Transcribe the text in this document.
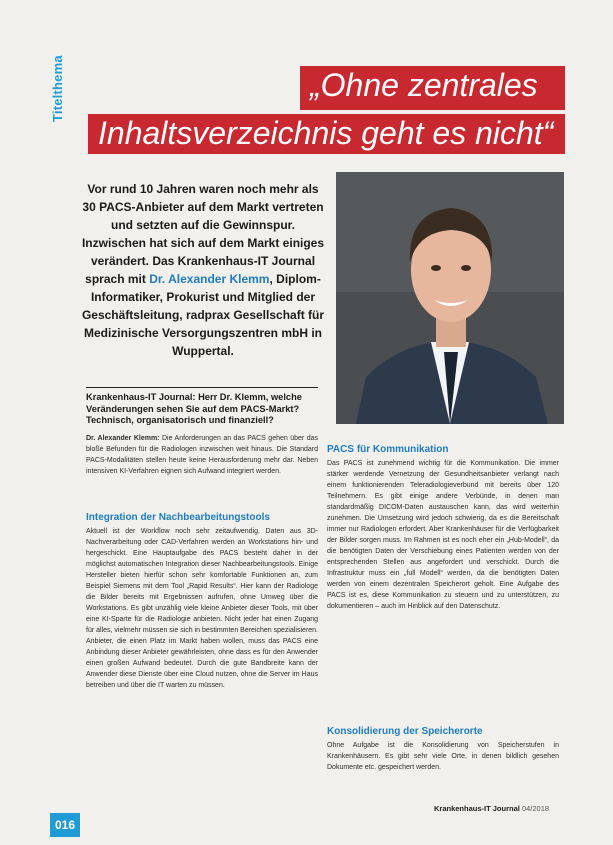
Titelthema	„Ohne zentrales
Inhaltsverzeichnis geht es nicht“
Vor rund 10 Jahren waren noch mehr als 30 PACS-Anbieter auf dem Markt vertreten und setzten auf die Gewinnspur. Inzwischen hat sich auf dem Markt einiges verändert. Das Krankenhaus-IT Journal sprach mit Dr. Alexander Klemm, Diplom-Informatiker, Prokurist und Mitglied der Geschäftsleitung, radprax Gesellschaft für Medizinische Versorgungszentren mbH in Wuppertal.
Krankenhaus-IT Journal: Herr Dr. Klemm, welche Veränderungen sehen Sie auf dem PACS-Markt? Technisch, organisatorisch und finanziell?
Dr. Alexander Klemm: Die Anforderungen an das PACS gehen über das bloße Befunden für die Radiologen inzwischen weit hinaus. Die Standard PACS-Modalitäten stellen heute keine Herausforderung mehr dar. Neben intensiven KI-Verfahren eignen sich Aufwand integriert werden.
Integration der Nachbearbeitungstools
Aktuell ist der Workflow noch sehr zeitaufwendig. Daten aus 3D-Nachverarbeitung oder CAD-Verfahren werden an Workstations hin- und hergeschickt. Eine Hauptaufgabe des PACS besteht daher in der möglichst automatischen Integration dieser Nachbearbeitungstools. Einige Hersteller bieten hierfür schon sehr komfortable Funktionen an, zum Beispiel Siemens mit dem Tool „Rapid Results“. Hier kann der Radiologe die Bilder bereits mit Ergebnissen aufrufen, ohne Umweg über die Workstations. Es gibt unzählig viele kleine Anbieter dieser Tools, mit über eine KI-Sparte für die Radiologie anbieten. Nicht jeder hat einen Zugang für alles, vielmehr müssen sie sich in bestimmten Bereichen spezialisieren. Anbieter, die einen Platz im Markt haben wollen, muss das PACS eine Anbindung dieser Anbieter gewährleisten, ohne dass es für den Anwender einen großen Aufwand bedeutet. Durch die gute Bandbreite kann der Anwender diese Dienste über eine Cloud nutzen, ohne die Server im Haus betreiben und über die IT warten zu müssen.
PACS für Kommunikation
Das PACS ist zunehmend wichtig für die Kommunikation. Die immer stärker werdende Vernetzung der Gesundheitsanbieter verlangt nach einem funktionierenden Teleradiologieverbund mit bereits über 120 Teilnehmern. Es gibt einige andere Verbünde, in denen man standardmäßig DICOM-Daten austauschen kann, das wird weiterhin zunehmen. Die Umsetzung wird jedoch schwierig, da es die Bereitschaft immer nur Radiologen erfordert. Aber Krankenhäuser für die Verfügbarkeit der Bilder sorgen muss. Im Rahmen ist es noch eher ein „Hub-Modell“, da die benötigten Daten der Verschiebung eines Patienten werden von der entsprechenden Stellen aus angefordert und verschickt. Durch die Infrastruktur muss ein „full Modell“ werden, da die benötigten Daten werden von einem dezentralen Speicherort geholt. Eine Aufgabe des PACS ist es, diese Kommunikation zu steuern und zu unterstützen, zu dokumentieren – auch im Hinblick auf den Datenschutz.
Konsolidierung der Speicherorte
Ohne Aufgabe ist die Konsolidierung von Speicherstufen in Krankenhäusern. Es gibt sehr viele Orte, in denen bildlich gesehen Dokumente etc. gespeichert werden.
016
Krankenhaus-IT Journal 04/2018
